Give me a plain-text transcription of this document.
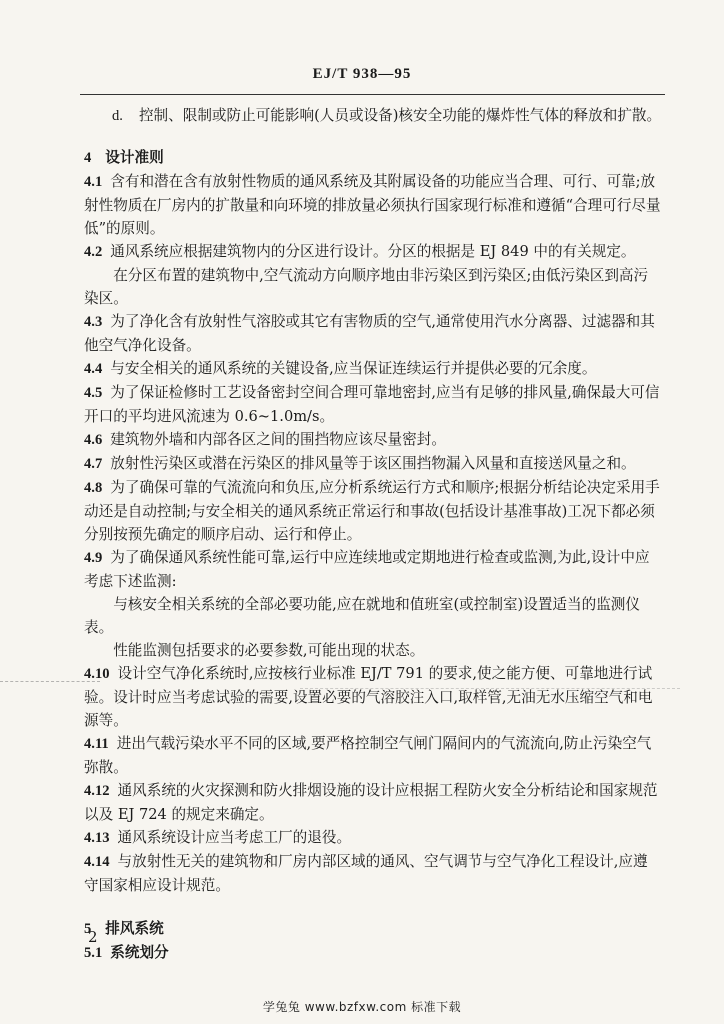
EJ/T 938—95

d. 控制、限制或防止可能影响(人员或设备)核安全功能的爆炸性气体的释放和扩散。

4 设计准则

4.1 含有和潜在含有放射性物质的通风系统及其附属设备的功能应当合理、可行、可靠;放射性物质在厂房内的扩散量和向环境的排放量必须执行国家现行标准和遵循“合理可行尽量低”的原则。

4.2 通风系统应根据建筑物内的分区进行设计。分区的根据是 EJ 849 中的有关规定。

在分区布置的建筑物中,空气流动方向顺序地由非污染区到污染区;由低污染区到高污染区。

4.3 为了净化含有放射性气溶胶或其它有害物质的空气,通常使用汽水分离器、过滤器和其他空气净化设备。

4.4 与安全相关的通风系统的关键设备,应当保证连续运行并提供必要的冗余度。

4.5 为了保证检修时工艺设备密封空间合理可靠地密封,应当有足够的排风量,确保最大可信开口的平均进风流速为 0.6~1.0m/s。

4.6 建筑物外墙和内部各区之间的围挡物应该尽量密封。

4.7 放射性污染区或潜在污染区的排风量等于该区围挡物漏入风量和直接送风量之和。

4.8 为了确保可靠的气流流向和负压,应分析系统运行方式和顺序;根据分析结论决定采用手动还是自动控制;与安全相关的通风系统正常运行和事故(包括设计基准事故)工况下都必须分别按预先确定的顺序启动、运行和停止。

4.9 为了确保通风系统性能可靠,运行中应连续地或定期地进行检查或监测,为此,设计中应考虑下述监测:

与核安全相关系统的全部必要功能,应在就地和值班室(或控制室)设置适当的监测仪表。

性能监测包括要求的必要参数,可能出现的状态。

4.10 设计空气净化系统时,应按核行业标准 EJ/T 791 的要求,使之能方便、可靠地进行试验。设计时应当考虑试验的需要,设置必要的气溶胶注入口,取样管,无油无水压缩空气和电源等。

4.11 进出气载污染水平不同的区域,要严格控制空气闸门隔间内的气流流向,防止污染空气弥散。

4.12 通风系统的火灾探测和防火排烟设施的设计应根据工程防火安全分析结论和国家规范以及 EJ 724 的规定来确定。

4.13 通风系统设计应当考虑工厂的退役。

4.14 与放射性无关的建筑物和厂房内部区域的通风、空气调节与空气净化工程设计,应遵守国家相应设计规范。

5 排风系统

5.1 系统划分

2
学兔兔 www.bzfxw.com 标准下载
